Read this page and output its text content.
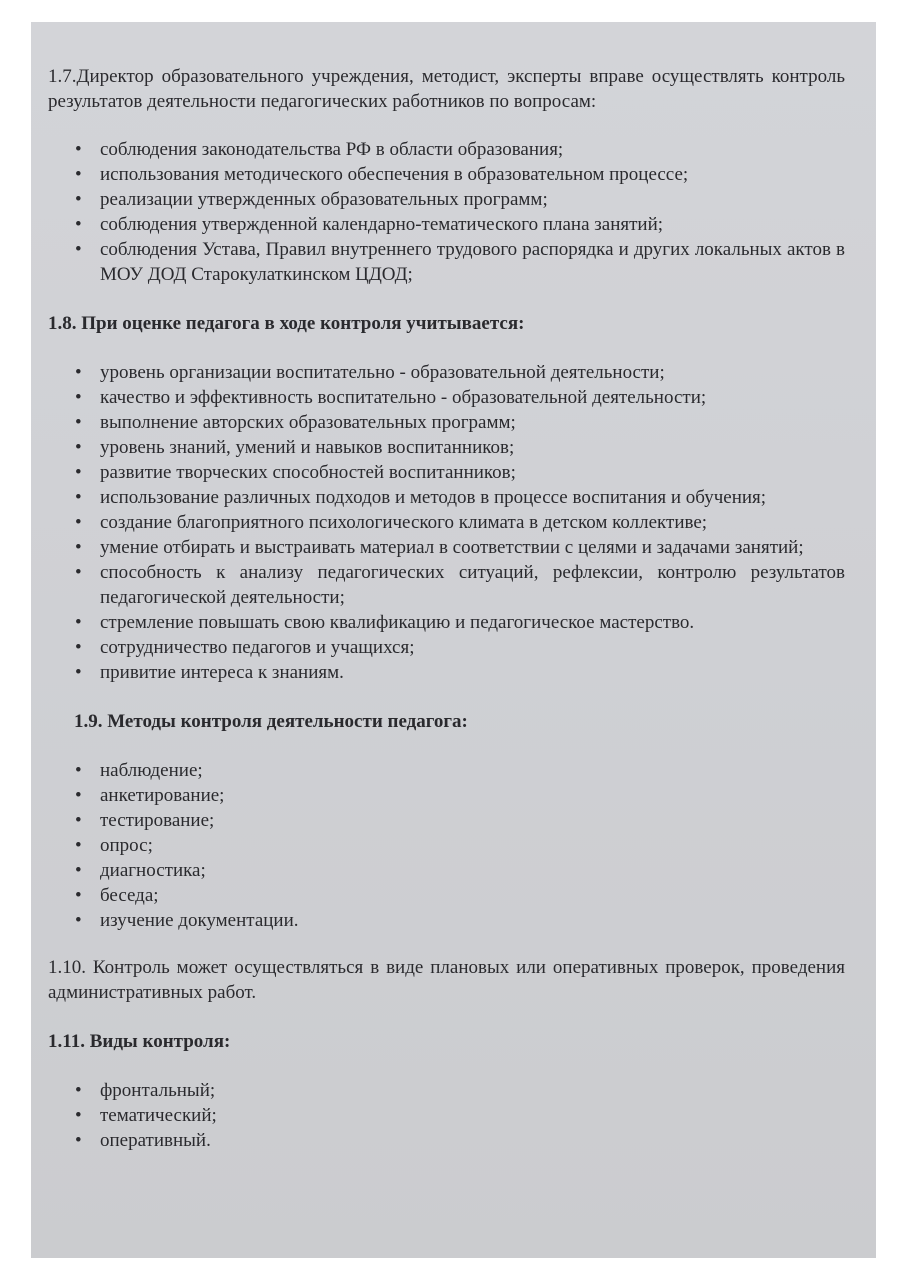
1.7.Директор образовательного учреждения, методист, эксперты вправе осуществлять контроль результатов деятельности педагогических работников по вопросам:

• соблюдения законодательства РФ в области образования;
• использования методического обеспечения в образовательном процессе;
• реализации утвержденных образовательных программ;
• соблюдения утвержденной календарно-тематического плана занятий;
• соблюдения Устава, Правил внутреннего трудового распорядка и других локальных актов в МОУ ДОД Старокулаткинском ЦДОД;
1.8. При оценке педагога в ходе контроля учитывается:
• уровень организации воспитательно - образовательной деятельности;
• качество и эффективность воспитательно - образовательной деятельности;
• выполнение авторских образовательных программ;
• уровень знаний, умений и навыков воспитанников;
• развитие творческих способностей воспитанников;
• использование различных подходов и методов в процессе воспитания и обучения;
• создание благоприятного психологического климата в детском коллективе;
• умение отбирать и выстраивать материал в соответствии с целями и задачами занятий;
• способность к анализу педагогических ситуаций, рефлексии, контролю результатов педагогической деятельности;
• стремление повышать свою квалификацию и педагогическое мастерство.
• сотрудничество педагогов и учащихся;
• привитие интереса к знаниям.
1.9. Методы контроля деятельности педагога:
• наблюдение;
• анкетирование;
• тестирование;
• опрос;
• диагностика;
• беседа;
• изучение документации.

1.10. Контроль может осуществляться в виде плановых или оперативных проверок, проведения административных работ.

1.11. Виды контроля:
• фронтальный;
• тематический;
• оперативный.
